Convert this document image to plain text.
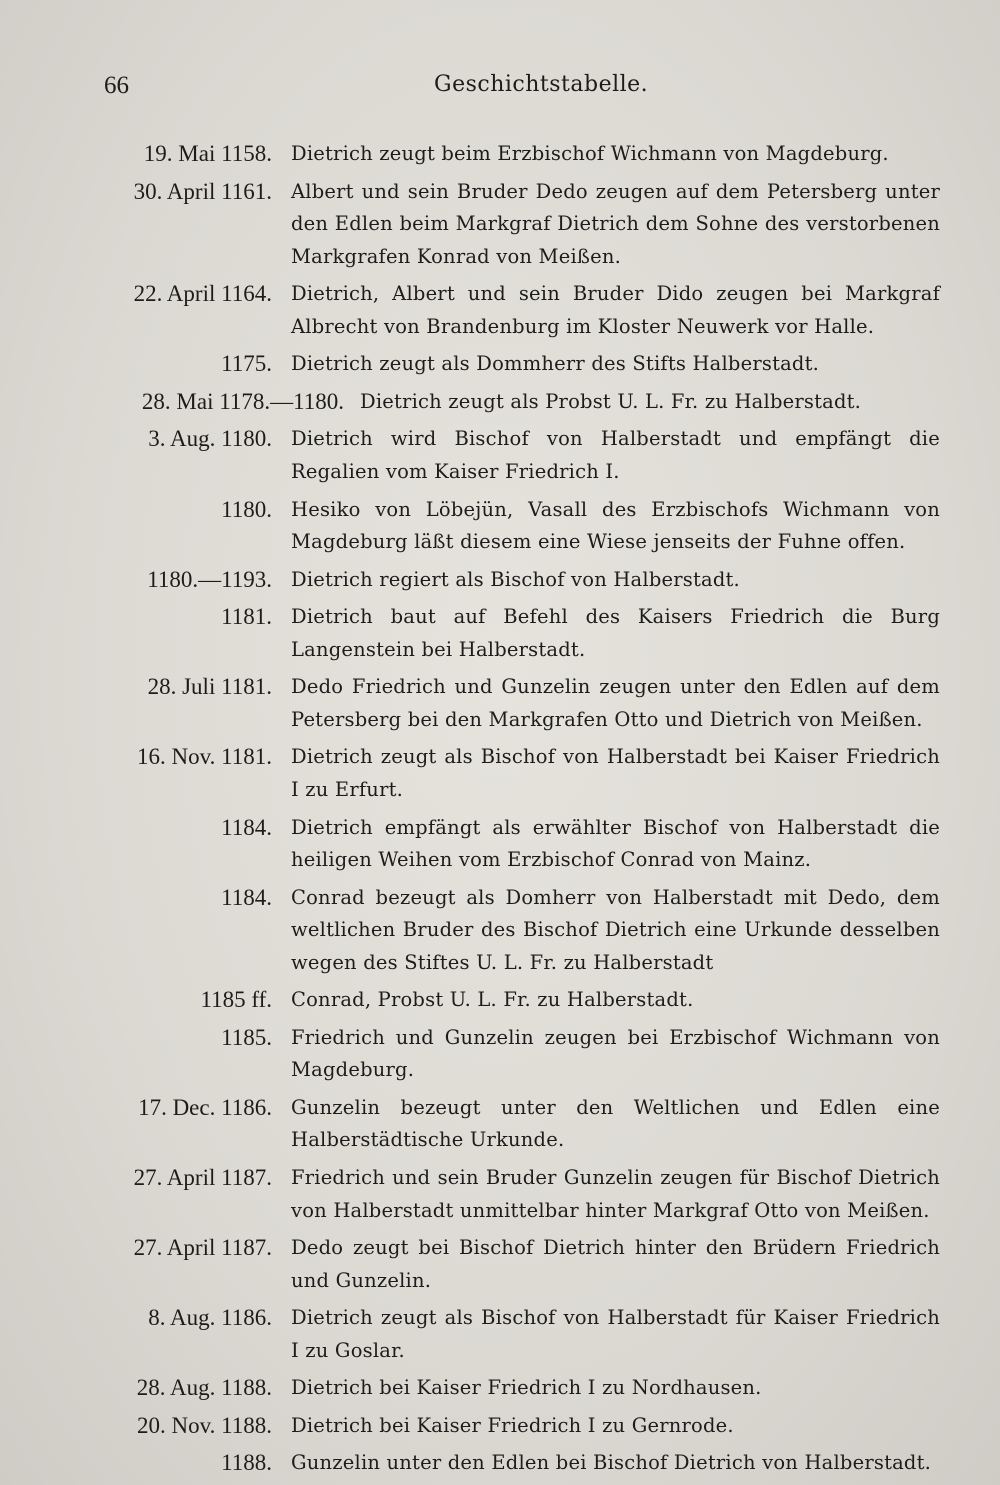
66	Geschichtstabelle.
19. Mai 1158. Dietrich zeugt beim Erzbischof Wichmann von Magdeburg.
30. April 1161. Albert und sein Bruder Dedo zeugen auf dem Petersberg unter den Edlen beim Markgraf Dietrich dem Sohne des verstorbenen Markgrafen Konrad von Meißen.
22. April 1164. Dietrich, Albert und sein Bruder Dido zeugen bei Markgraf Albrecht von Brandenburg im Kloster Neuwerk vor Halle.
1175. Dietrich zeugt als Dommherr des Stifts Halberstadt.
28. Mai 1178.—1180. Dietrich zeugt als Probst U. L. Fr. zu Halberstadt.
3. Aug. 1180. Dietrich wird Bischof von Halberstadt und empfängt die Regalien vom Kaiser Friedrich I.
1180. Hesiko von Löbejün, Vasall des Erzbischofs Wichmann von Magdeburg läßt diesem eine Wiese jenseits der Fuhne offen.
1180.—1193. Dietrich regiert als Bischof von Halberstadt.
1181. Dietrich baut auf Befehl des Kaisers Friedrich die Burg Langenstein bei Halberstadt.
28. Juli 1181. Dedo Friedrich und Gunzelin zeugen unter den Edlen auf dem Petersberg bei den Markgrafen Otto und Dietrich von Meißen.
16. Nov. 1181. Dietrich zeugt als Bischof von Halberstadt bei Kaiser Friedrich I zu Erfurt.
1184. Dietrich empfängt als erwählter Bischof von Halberstadt die heiligen Weihen vom Erzbischof Conrad von Mainz.
1184. Conrad bezeugt als Domherr von Halberstadt mit Dedo, dem weltlichen Bruder des Bischof Dietrich eine Urkunde desselben wegen des Stiftes U. L. Fr. zu Halberstadt
1185 ff. Conrad, Probst U. L. Fr. zu Halberstadt.
1185. Friedrich und Gunzelin zeugen bei Erzbischof Wichmann von Magdeburg.
17. Dec. 1186. Gunzelin bezeugt unter den Weltlichen und Edlen eine Halberstädtische Urkunde.
27. April 1187. Friedrich und sein Bruder Gunzelin zeugen für Bischof Dietrich von Halberstadt unmittelbar hinter Markgraf Otto von Meißen.
27. April 1187. Dedo zeugt bei Bischof Dietrich hinter den Brüdern Friedrich und Gunzelin.
8. Aug. 1186. Dietrich zeugt als Bischof von Halberstadt für Kaiser Friedrich I zu Goslar.
28. Aug. 1188. Dietrich bei Kaiser Friedrich I zu Nordhausen.
20. Nov. 1188. Dietrich bei Kaiser Friedrich I zu Gernrode.
1188. Gunzelin unter den Edlen bei Bischof Dietrich von Halberstadt.
